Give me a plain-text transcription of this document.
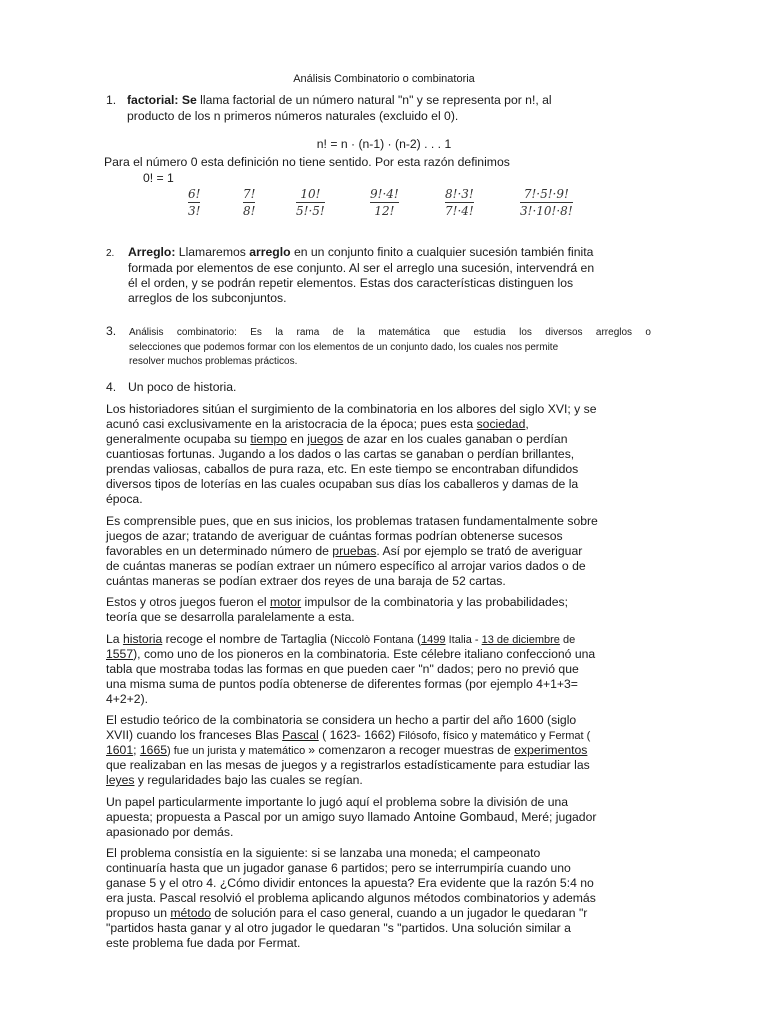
Análisis Combinatorio o combinatoria
1. factorial: Se llama factorial de un número natural "n" y se representa por n!, al
producto de los n primeros números naturales (excluido el 0).
n! = n · (n-1) · (n-2) . . . 1
Para el número 0 esta definición no tiene sentido. Por esta razón definimos
0! = 1
6!
3!
7!
8!
10!
5!·5!
9!·4!
12!
8!·3!
7!·4!
7!·5!·9!
3!·10!·8!
2. Arreglo: Llamaremos arreglo en un conjunto finito a cualquier sucesión también finita
formada por elementos de ese conjunto. Al ser el arreglo una sucesión, intervendrá en
él el orden, y se podrán repetir elementos. Estas dos características distinguen los
arreglos de los subconjuntos.
3. Análisis combinatorio: Es la rama de la matemática que estudia los diversos arreglos o
selecciones que podemos formar con los elementos de un conjunto dado, los cuales nos permite
resolver muchos problemas prácticos.
4. Un poco de historia.
Los historiadores sitúan el surgimiento de la combinatoria en los albores del siglo XVI; y se
acunó casi exclusivamente en la aristocracia de la época; pues esta sociedad,
generalmente ocupaba su tiempo en juegos de azar en los cuales ganaban o perdían
cuantiosas fortunas. Jugando a los dados o las cartas se ganaban o perdían brillantes,
prendas valiosas, caballos de pura raza, etc. En este tiempo se encontraban difundidos
diversos tipos de loterías en las cuales ocupaban sus días los caballeros y damas de la
época.
Es comprensible pues, que en sus inicios, los problemas tratasen fundamentalmente sobre
juegos de azar; tratando de averiguar de cuántas formas podrían obtenerse sucesos
favorables en un determinado número de pruebas. Así por ejemplo se trató de averiguar
de cuántas maneras se podían extraer un número específico al arrojar varios dados o de
cuántas maneras se podían extraer dos reyes de una baraja de 52 cartas.
Estos y otros juegos fueron el motor impulsor de la combinatoria y las probabilidades;
teoría que se desarrolla paralelamente a esta.
La historia recoge el nombre de Tartaglia (Niccolò Fontana (1499 Italia - 13 de diciembre de
1557), como uno de los pioneros en la combinatoria. Este célebre italiano confeccionó una
tabla que mostraba todas las formas en que pueden caer "n" dados; pero no previó que
una misma suma de puntos podía obtenerse de diferentes formas (por ejemplo 4+1+3=
4+2+2).
El estudio teórico de la combinatoria se considera un hecho a partir del año 1600 (siglo
XVII) cuando los franceses Blas Pascal ( 1623- 1662) Filósofo, físico y matemático y Fermat (
1601; 1665) fue un jurista y matemático » comenzaron a recoger muestras de experimentos
que realizaban en las mesas de juegos y a registrarlos estadísticamente para estudiar las
leyes y regularidades bajo las cuales se regían.
Un papel particularmente importante lo jugó aquí el problema sobre la división de una
apuesta; propuesta a Pascal por un amigo suyo llamado Antoine Gombaud, Meré; jugador
apasionado por demás.
El problema consistía en la siguiente: si se lanzaba una moneda; el campeonato
continuaría hasta que un jugador ganase 6 partidos; pero se interrumpiría cuando uno
ganase 5 y el otro 4. ¿Cómo dividir entonces la apuesta? Era evidente que la razón 5:4 no
era justa. Pascal resolvió el problema aplicando algunos métodos combinatorios y además
propuso un método de solución para el caso general, cuando a un jugador le quedaran "r
"partidos hasta ganar y al otro jugador le quedaran "s "partidos. Una solución similar a
este problema fue dada por Fermat.
